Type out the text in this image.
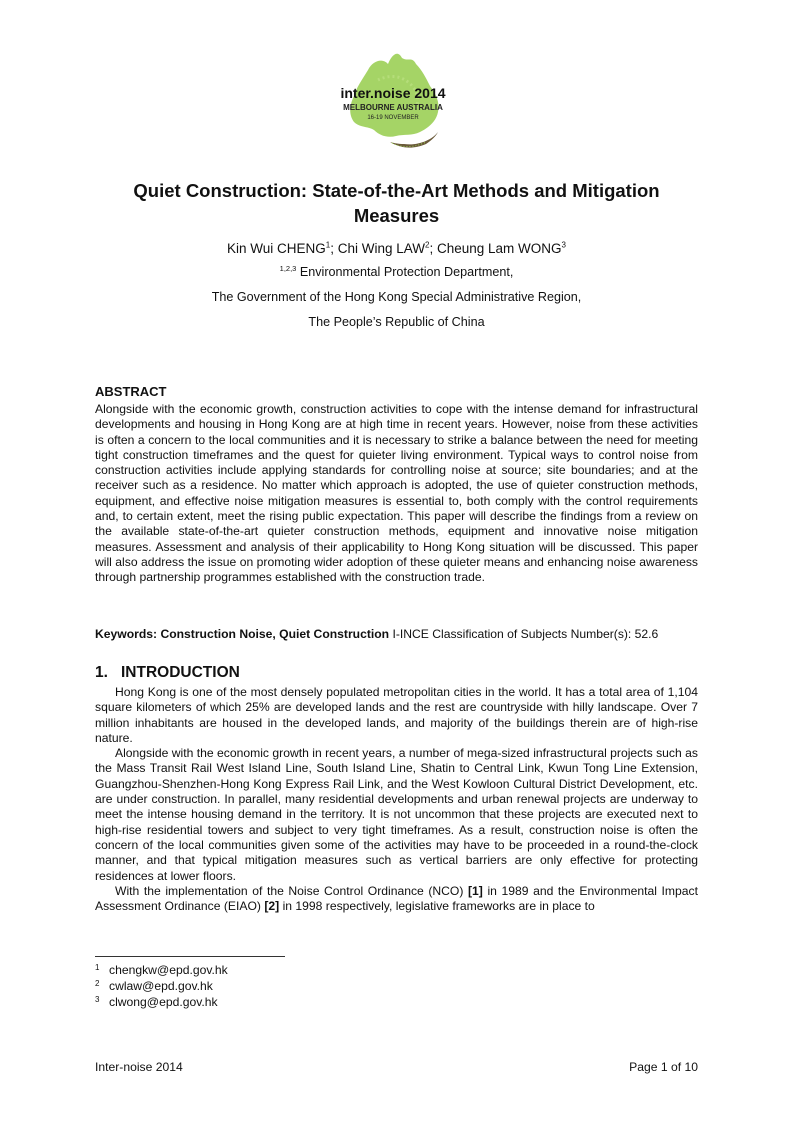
inter.noise 2014
MELBOURNE AUSTRALIA
16-19 NOVEMBER
Quiet Construction: State-of-the-Art Methods and Mitigation Measures
Kin Wui CHENG$^1$; Chi Wing LAW$^2$; Cheung Lam WONG$^3$
$^{1,2,3}$ Environmental Protection Department,
The Government of the Hong Kong Special Administrative Region,
The People’s Republic of China
ABSTRACT

Alongside with the economic growth, construction activities to cope with the intense demand for infrastructural developments and housing in Hong Kong are at high time in recent years. However, noise from these activities is often a concern to the local communities and it is necessary to strike a balance between the need for meeting tight construction timeframes and the quest for quieter living environment. Typical ways to control noise from construction activities include applying standards for controlling noise at source; site boundaries; and at the receiver such as a residence. No matter which approach is adopted, the use of quieter construction methods, equipment, and effective noise mitigation measures is essential to, both comply with the control requirements and, to certain extent, meet the rising public expectation. This paper will describe the findings from a review on the available state-of-the-art quieter construction methods, equipment and innovative noise mitigation measures. Assessment and analysis of their applicability to Hong Kong situation will be discussed. This paper will also address the issue on promoting wider adoption of these quieter means and enhancing noise awareness through partnership programmes established with the construction trade.

Keywords: Construction Noise, Quiet Construction I-INCE Classification of Subjects Number(s): 52.6

1. INTRODUCTION

Hong Kong is one of the most densely populated metropolitan cities in the world. It has a total area of 1,104 square kilometers of which 25% are developed lands and the rest are countryside with hilly landscape. Over 7 million inhabitants are housed in the developed lands, and majority of the buildings therein are of high-rise nature.

Alongside with the economic growth in recent years, a number of mega-sized infrastructural projects such as the Mass Transit Rail West Island Line, South Island Line, Shatin to Central Link, Kwun Tong Line Extension, Guangzhou-Shenzhen-Hong Kong Express Rail Link, and the West Kowloon Cultural District Development, etc. are under construction. In parallel, many residential developments and urban renewal projects are underway to meet the intense housing demand in the territory. It is not uncommon that these projects are executed next to high-rise residential towers and subject to very tight timeframes. As a result, construction noise is often the concern of the local communities given some of the activities may have to be proceeded in a round-the-clock manner, and that typical mitigation measures such as vertical barriers are only effective for protecting residences at lower floors.

With the implementation of the Noise Control Ordinance (NCO) [1] in 1989 and the Environmental Impact Assessment Ordinance (EIAO) [2] in 1998 respectively, legislative frameworks are in place to

$^1$ chengkw@epd.gov.hk
$^2$ cwlaw@epd.gov.hk
$^3$ clwong@epd.gov.hk
Inter-noise 2014	Page 1 of 10
